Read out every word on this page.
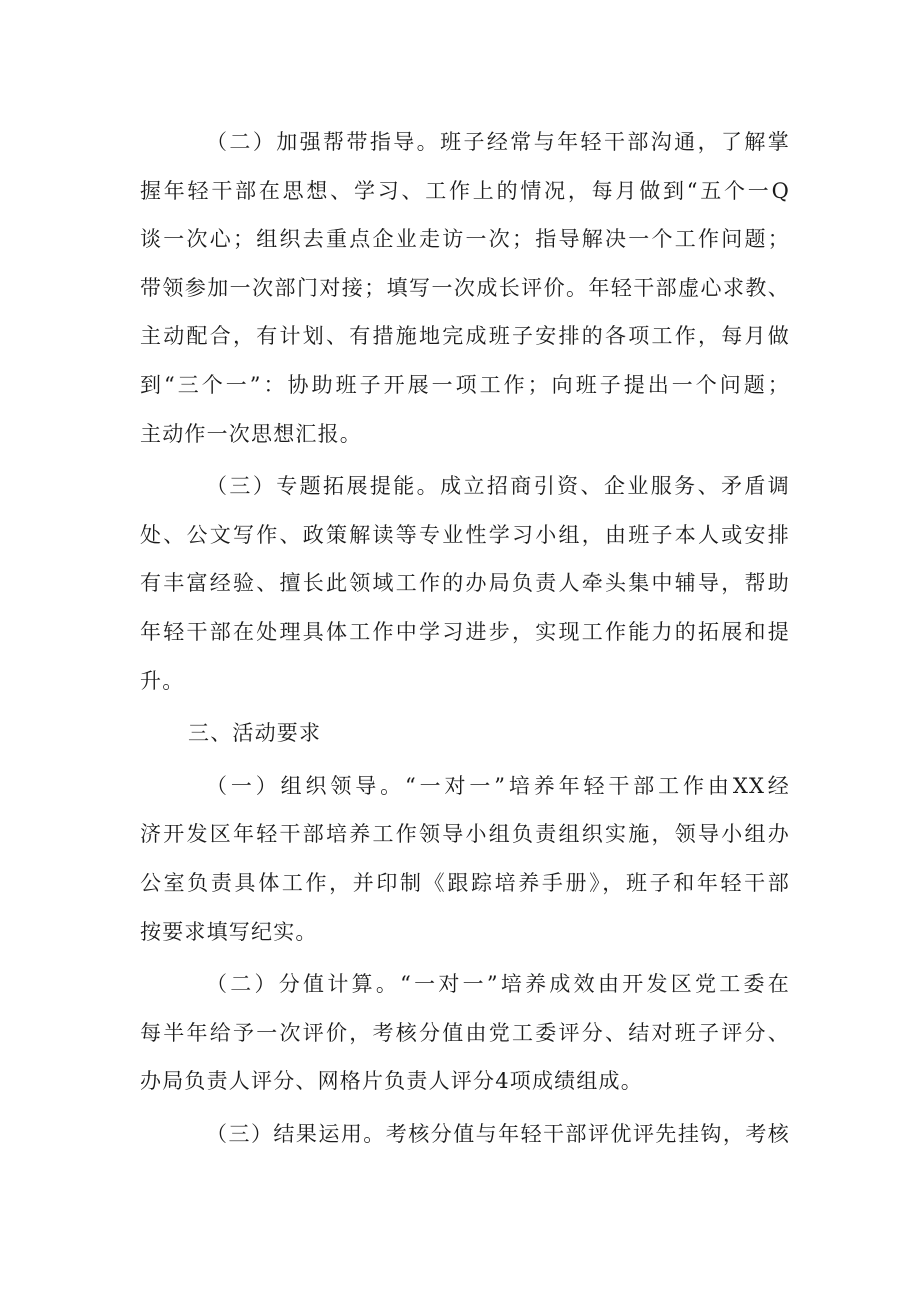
（二）加强帮带指导。班子经常与年轻干部沟通，了解掌
握年轻干部在思想、学习、工作上的情况，每月做到“五个一Q
谈一次心；组织去重点企业走访一次；指导解决一个工作问题；
带领参加一次部门对接；填写一次成长评价。年轻干部虚心求教、
主动配合，有计划、有措施地完成班子安排的各项工作，每月做
到“三个一”：协助班子开展一项工作；向班子提出一个问题；
主动作一次思想汇报。
（三）专题拓展提能。成立招商引资、企业服务、矛盾调
处、公文写作、政策解读等专业性学习小组，由班子本人或安排
有丰富经验、擅长此领域工作的办局负责人牵头集中辅导，帮助
年轻干部在处理具体工作中学习进步，实现工作能力的拓展和提
升。
三、活动要求
（一）组织领导。“一对一”培养年轻干部工作由XX经
济开发区年轻干部培养工作领导小组负责组织实施，领导小组办
公室负责具体工作，并印制《跟踪培养手册》，班子和年轻干部
按要求填写纪实。
（二）分值计算。“一对一”培养成效由开发区党工委在
每半年给予一次评价，考核分值由党工委评分、结对班子评分、
办局负责人评分、网格片负责人评分4项成绩组成。
（三）结果运用。考核分值与年轻干部评优评先挂钩，考核
